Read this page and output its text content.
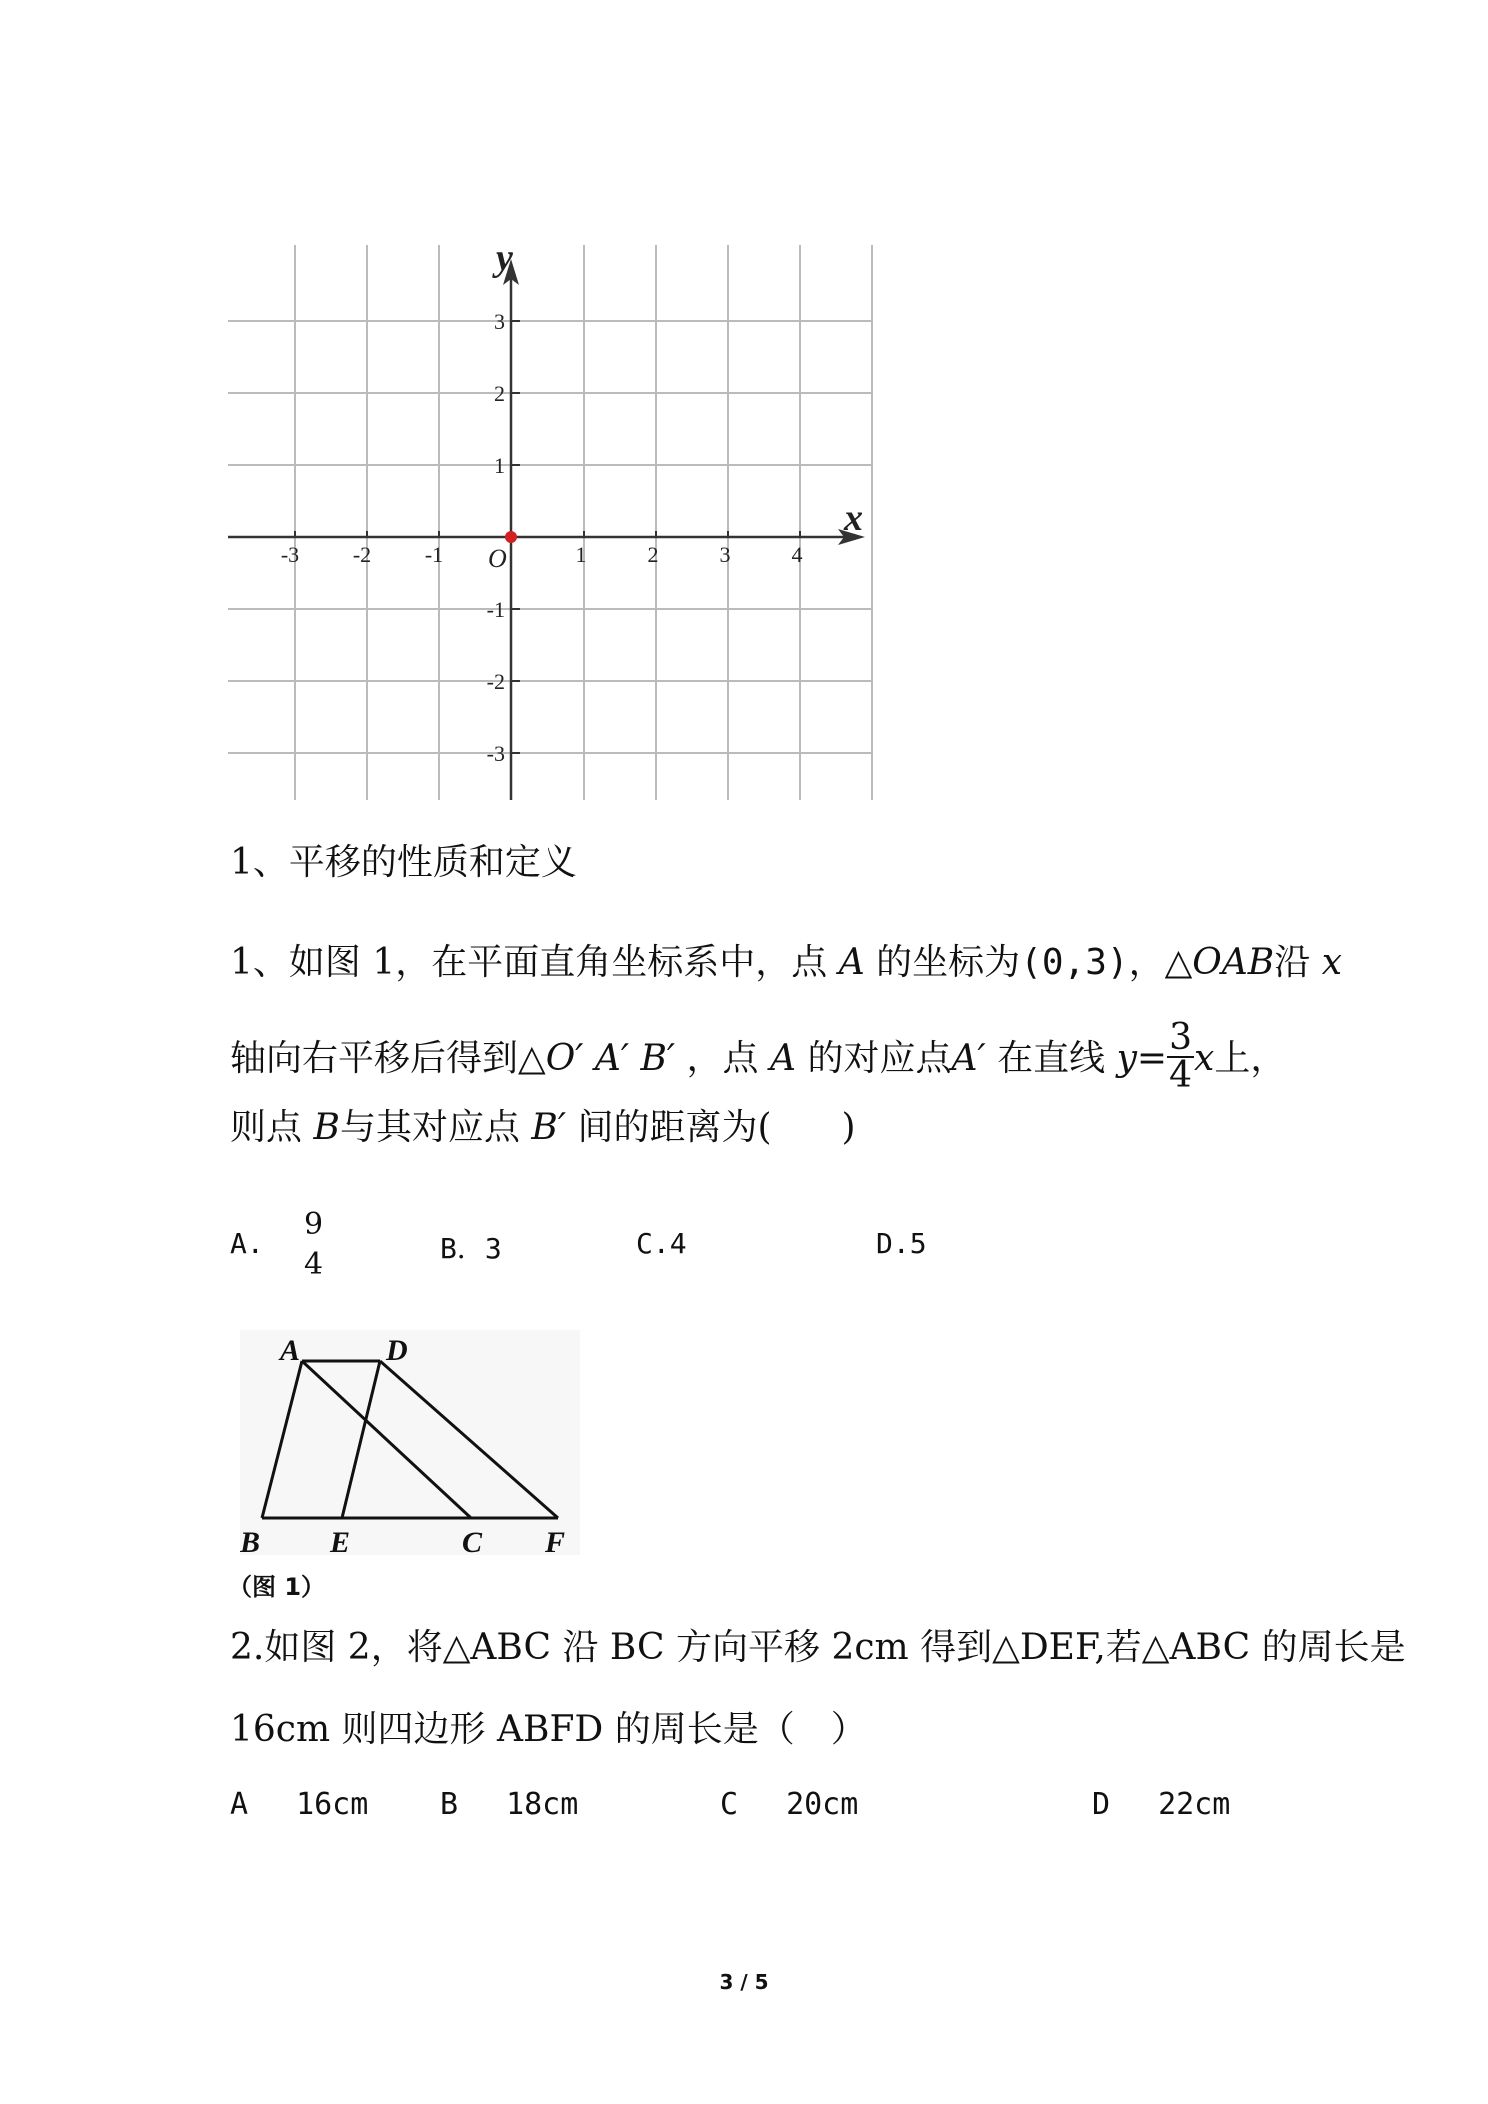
x
y
O
-3 -2 -1	1	2	3	4
3
2
1
-1
-2
-3
1、平移的性质和定义
1、如图 1，在平面直角坐标系中，点 A 的坐标为(0,3)，△OAB沿 x
轴向右平移后得到△O′ A′ B′ ，点 A 的对应点A′ 在直线 $y= \frac{3}{4}$ x上，
则点 B与其对应点 B′ 间的距离为( )
A.
9
4	B．3	C.4	D.5
A	D
B E	C F
（图 1）
2.如图 2，将△ABC 沿 BC 方向平移 2cm 得到△DEF,若△ABC 的周长是
16cm 则四边形 ABFD 的周长是（　）
A 16cm B 18cm	C 20cm	D 22cm
3 / 5
